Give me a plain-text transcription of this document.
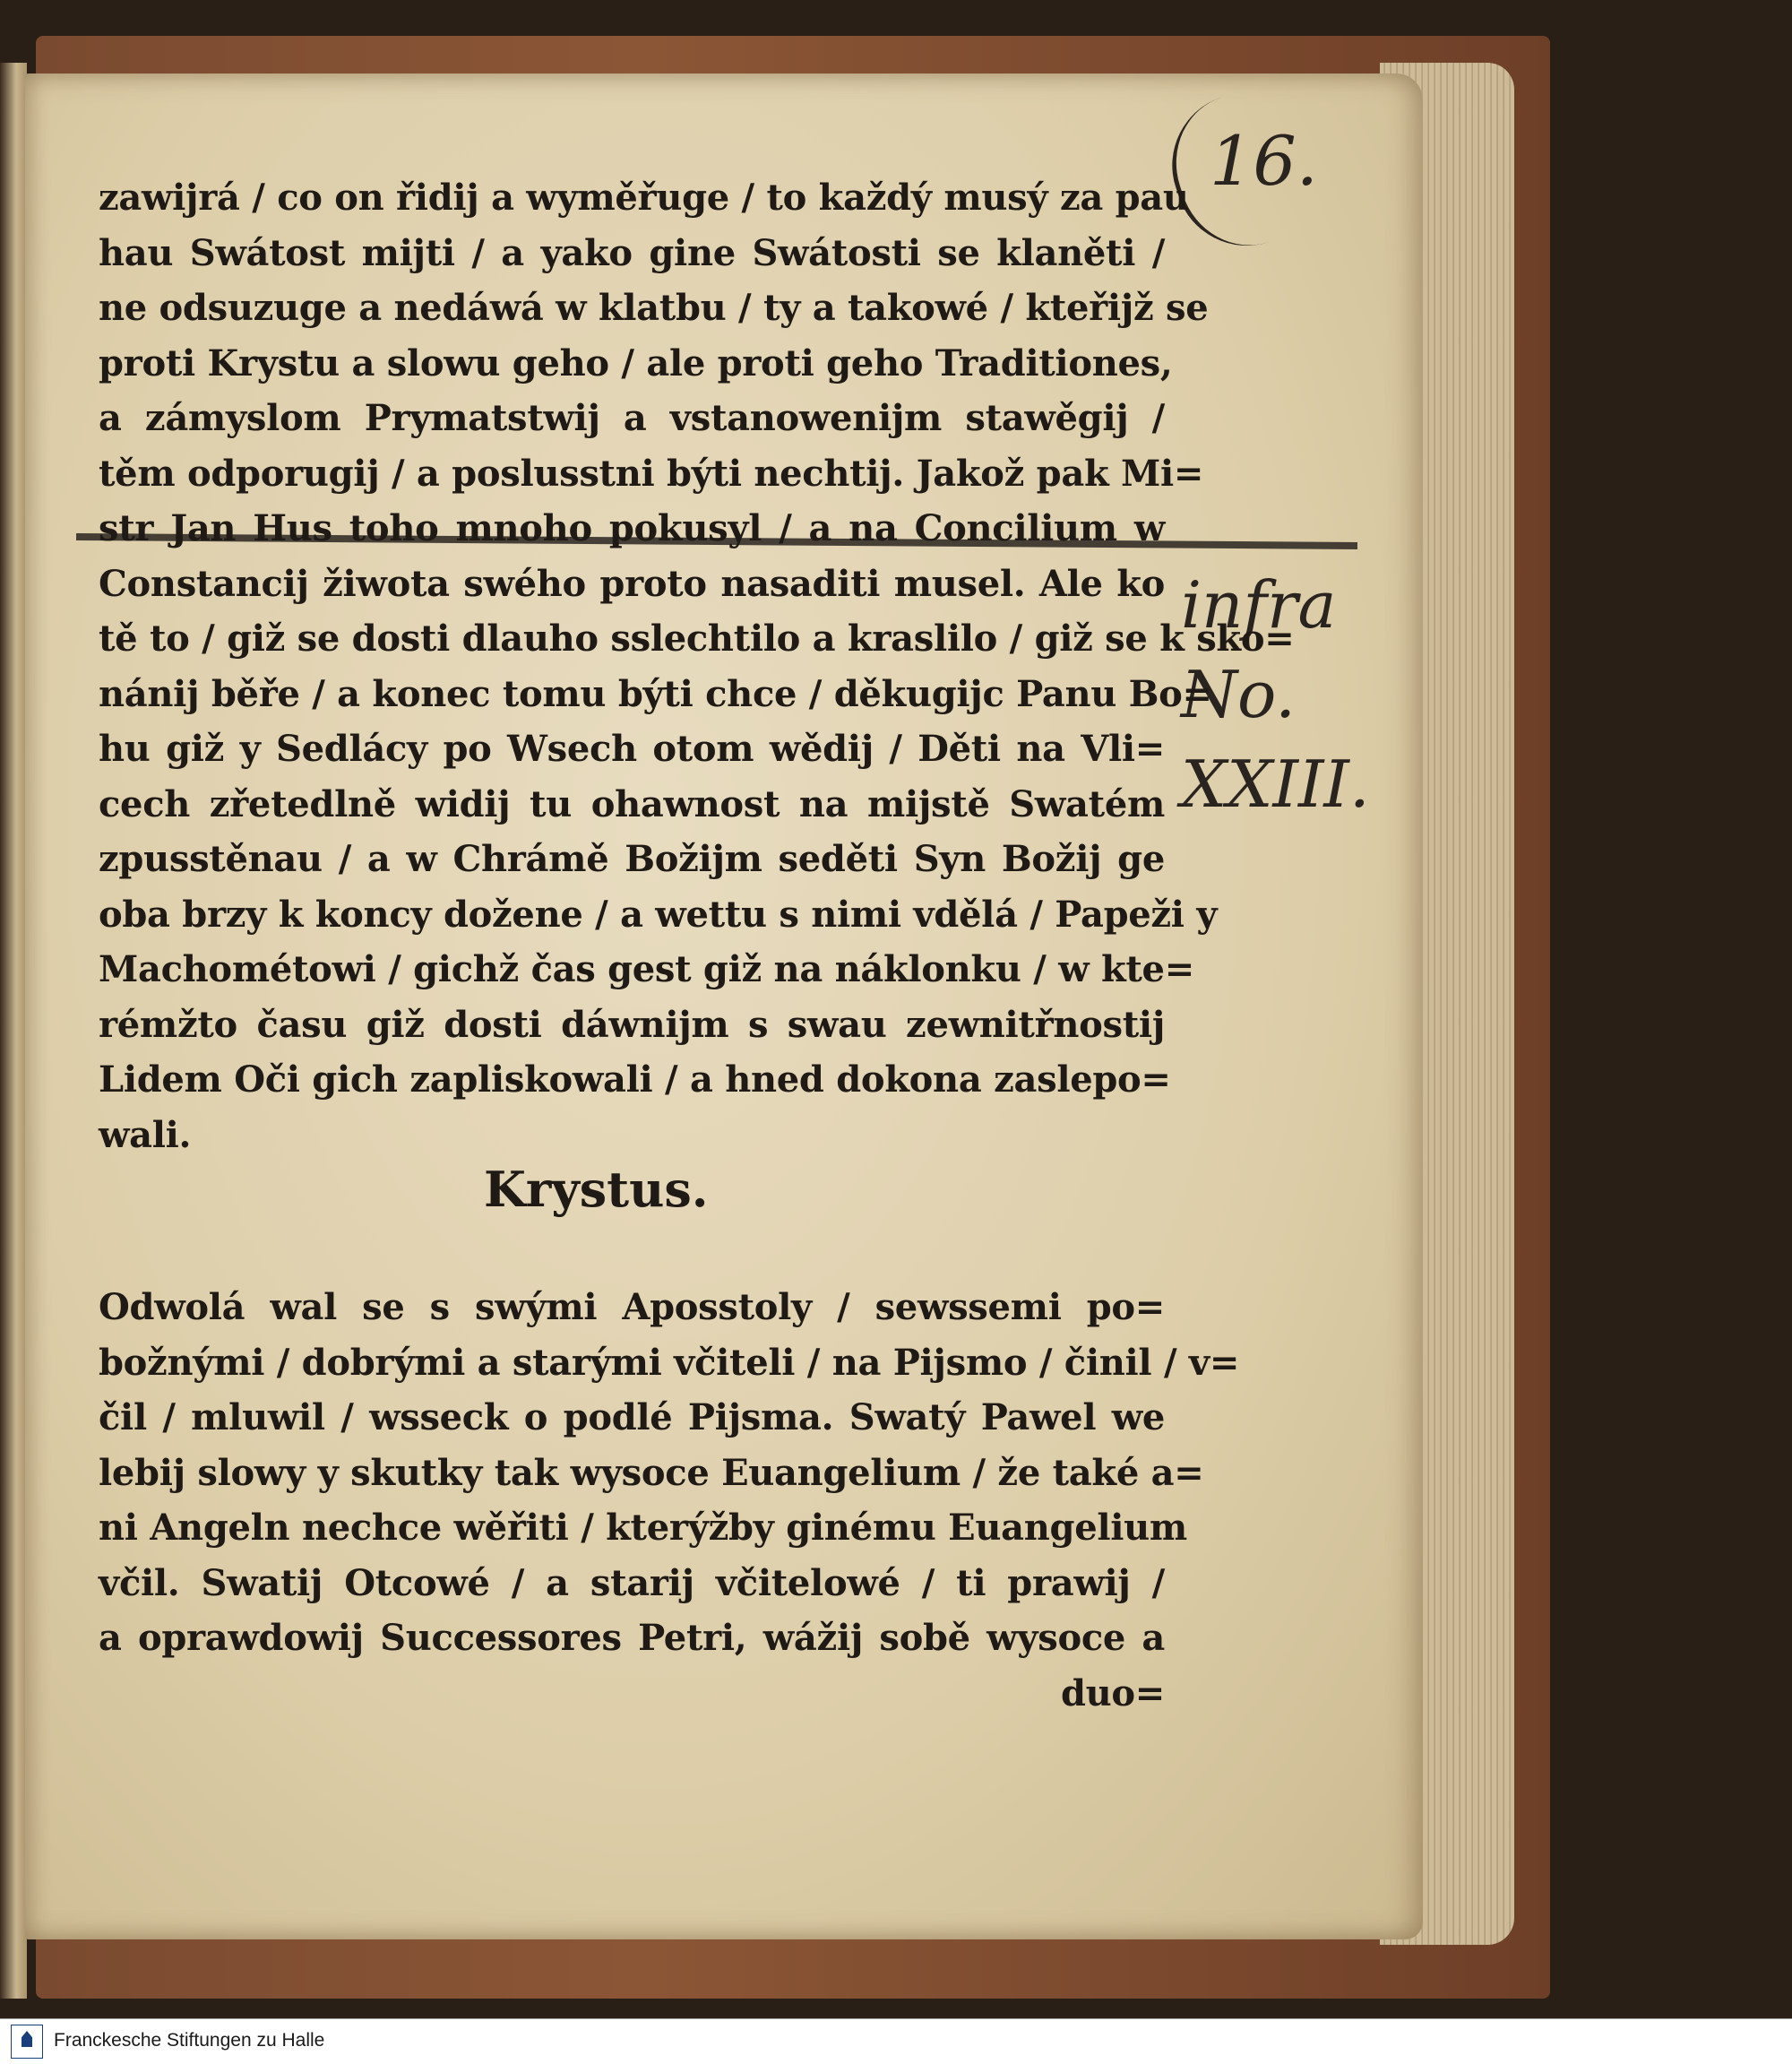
16.
infra
No.
XXIII.
zawijrá / co on řidij a wyměřuge / to každý musý za pau
hau Swátost mijti / a yako gine Swátosti se klaněti /
ne odsuzuge a nedáwá w klatbu / ty a takowé / kteřijž se
proti Krystu a slowu geho / ale proti geho Traditiones,
a zámyslom Prymatstwij a vstanowenijm stawěgij /
těm odporugij / a poslusstni býti nechtij. Jakož pak Mi=
str Jan Hus toho mnoho pokusyl / a na Concilium w
Constancij žiwota swého proto nasaditi musel. Ale ko
tě to / giž se dosti dlauho sslechtilo a kraslilo / giž se k sko=
nánij běře / a konec tomu býti chce / děkugijc Panu Bo=
hu giž y Sedlácy po Wsech otom wědij / Děti na Vli=
cech zřetedlně widij tu ohawnost na mijstě Swatém
zpusstěnau / a w Chrámě Božijm seděti Syn Božij ge
oba brzy k koncy dožene / a wettu s nimi vdělá / Papeži y
Machométowi / gichž čas gest giž na náklonku / w kte=
rémžto času giž dosti dáwnijm s swau zewnitřnostij
Lidem Oči gich zapliskowali / a hned dokona zaslepo=
wali.
Krystus.
Odwolá wal se s swými Aposstoly / sewssemi po=
božnými / dobrými a starými včiteli / na Pijsmo / činil / v=
čil / mluwil / wsseck o podlé Pijsma. Swatý Pawel we
lebij slowy y skutky tak wysoce Euangelium / že také a=
ni Angeln nechce wěřiti / kterýžby ginému Euangelium
včil. Swatij Otcowé / a starij včitelowé / ti prawij /
a oprawdowij Successores Petri, wážij sobě wysoce a
duo=
Franckesche Stiftungen zu Halle
